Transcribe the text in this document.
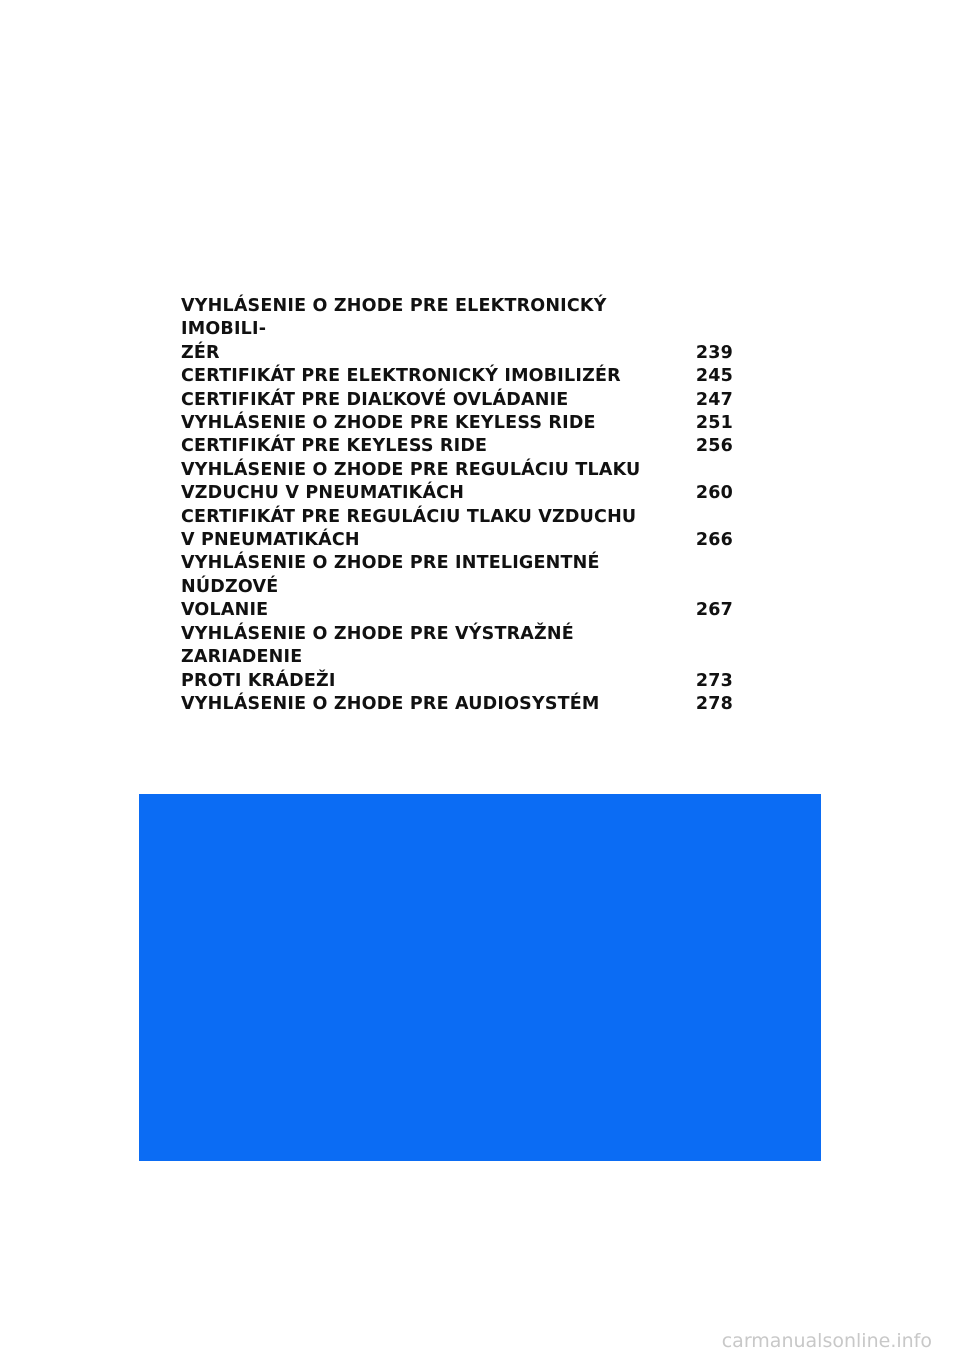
VYHLÁSENIE O ZHODE PRE ELEKTRONICKÝ IMOBILI-
ZÉR	239
CERTIFIKÁT PRE ELEKTRONICKÝ IMOBILIZÉR	245
CERTIFIKÁT PRE DIAĽKOVÉ OVLÁDANIE	247
VYHLÁSENIE O ZHODE PRE KEYLESS RIDE	251
CERTIFIKÁT PRE KEYLESS RIDE	256
VYHLÁSENIE O ZHODE PRE REGULÁCIU TLAKU
VZDUCHU V PNEUMATIKÁCH	260
CERTIFIKÁT PRE REGULÁCIU TLAKU VZDUCHU
V PNEUMATIKÁCH	266
VYHLÁSENIE O ZHODE PRE INTELIGENTNÉ NÚDZOVÉ
VOLANIE	267
VYHLÁSENIE O ZHODE PRE VÝSTRAŽNÉ ZARIADENIE
PROTI KRÁDEŽI	273
VYHLÁSENIE O ZHODE PRE AUDIOSYSTÉM	278
carmanualsonline.info
